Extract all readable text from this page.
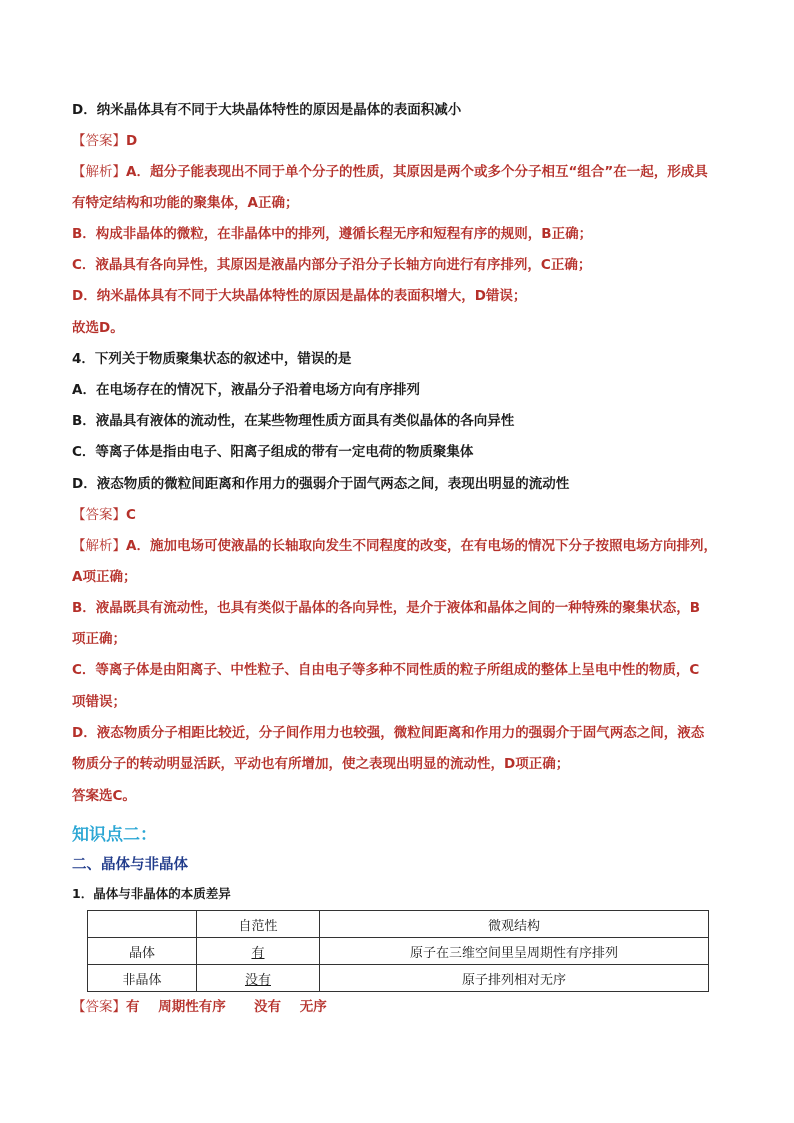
D．纳米晶体具有不同于大块晶体特性的原因是晶体的表面积减小
【答案】D
【解析】A．超分子能表现出不同于单个分子的性质，其原因是两个或多个分子相互“组合”在一起，形成具
有特定结构和功能的聚集体，A正确；
B．构成非晶体的微粒，在非晶体中的排列，遵循长程无序和短程有序的规则，B正确；
C．液晶具有各向异性，其原因是液晶内部分子沿分子长轴方向进行有序排列，C正确；
D．纳米晶体具有不同于大块晶体特性的原因是晶体的表面积增大，D错误；
故选D。
4．下列关于物质聚集状态的叙述中，错误的是
A．在电场存在的情况下，液晶分子沿着电场方向有序排列
B．液晶具有液体的流动性，在某些物理性质方面具有类似晶体的各向异性
C．等离子体是指由电子、阳离子组成的带有一定电荷的物质聚集体
D．液态物质的微粒间距离和作用力的强弱介于固气两态之间，表现出明显的流动性
【答案】C
【解析】A．施加电场可使液晶的长轴取向发生不同程度的改变，在有电场的情况下分子按照电场方向排列，
A项正确；
B．液晶既具有流动性，也具有类似于晶体的各向异性，是介于液体和晶体之间的一种特殊的聚集状态，B
项正确；
C．等离子体是由阳离子、中性粒子、自由电子等多种不同性质的粒子所组成的整体上呈电中性的物质，C
项错误；
D．液态物质分子相距比较近，分子间作用力也较强，微粒间距离和作用力的强弱介于固气两态之间，液态
物质分子的转动明显活跃，平动也有所增加，使之表现出明显的流动性，D项正确；
答案选C。
知识点二：
二、晶体与非晶体
1．晶体与非晶体的本质差异
	自范性	微观结构
晶体	有	原子在三维空间里呈周期性有序排列
非晶体	没有	原子排列相对无序
【答案】有    周期性有序      没有    无序
